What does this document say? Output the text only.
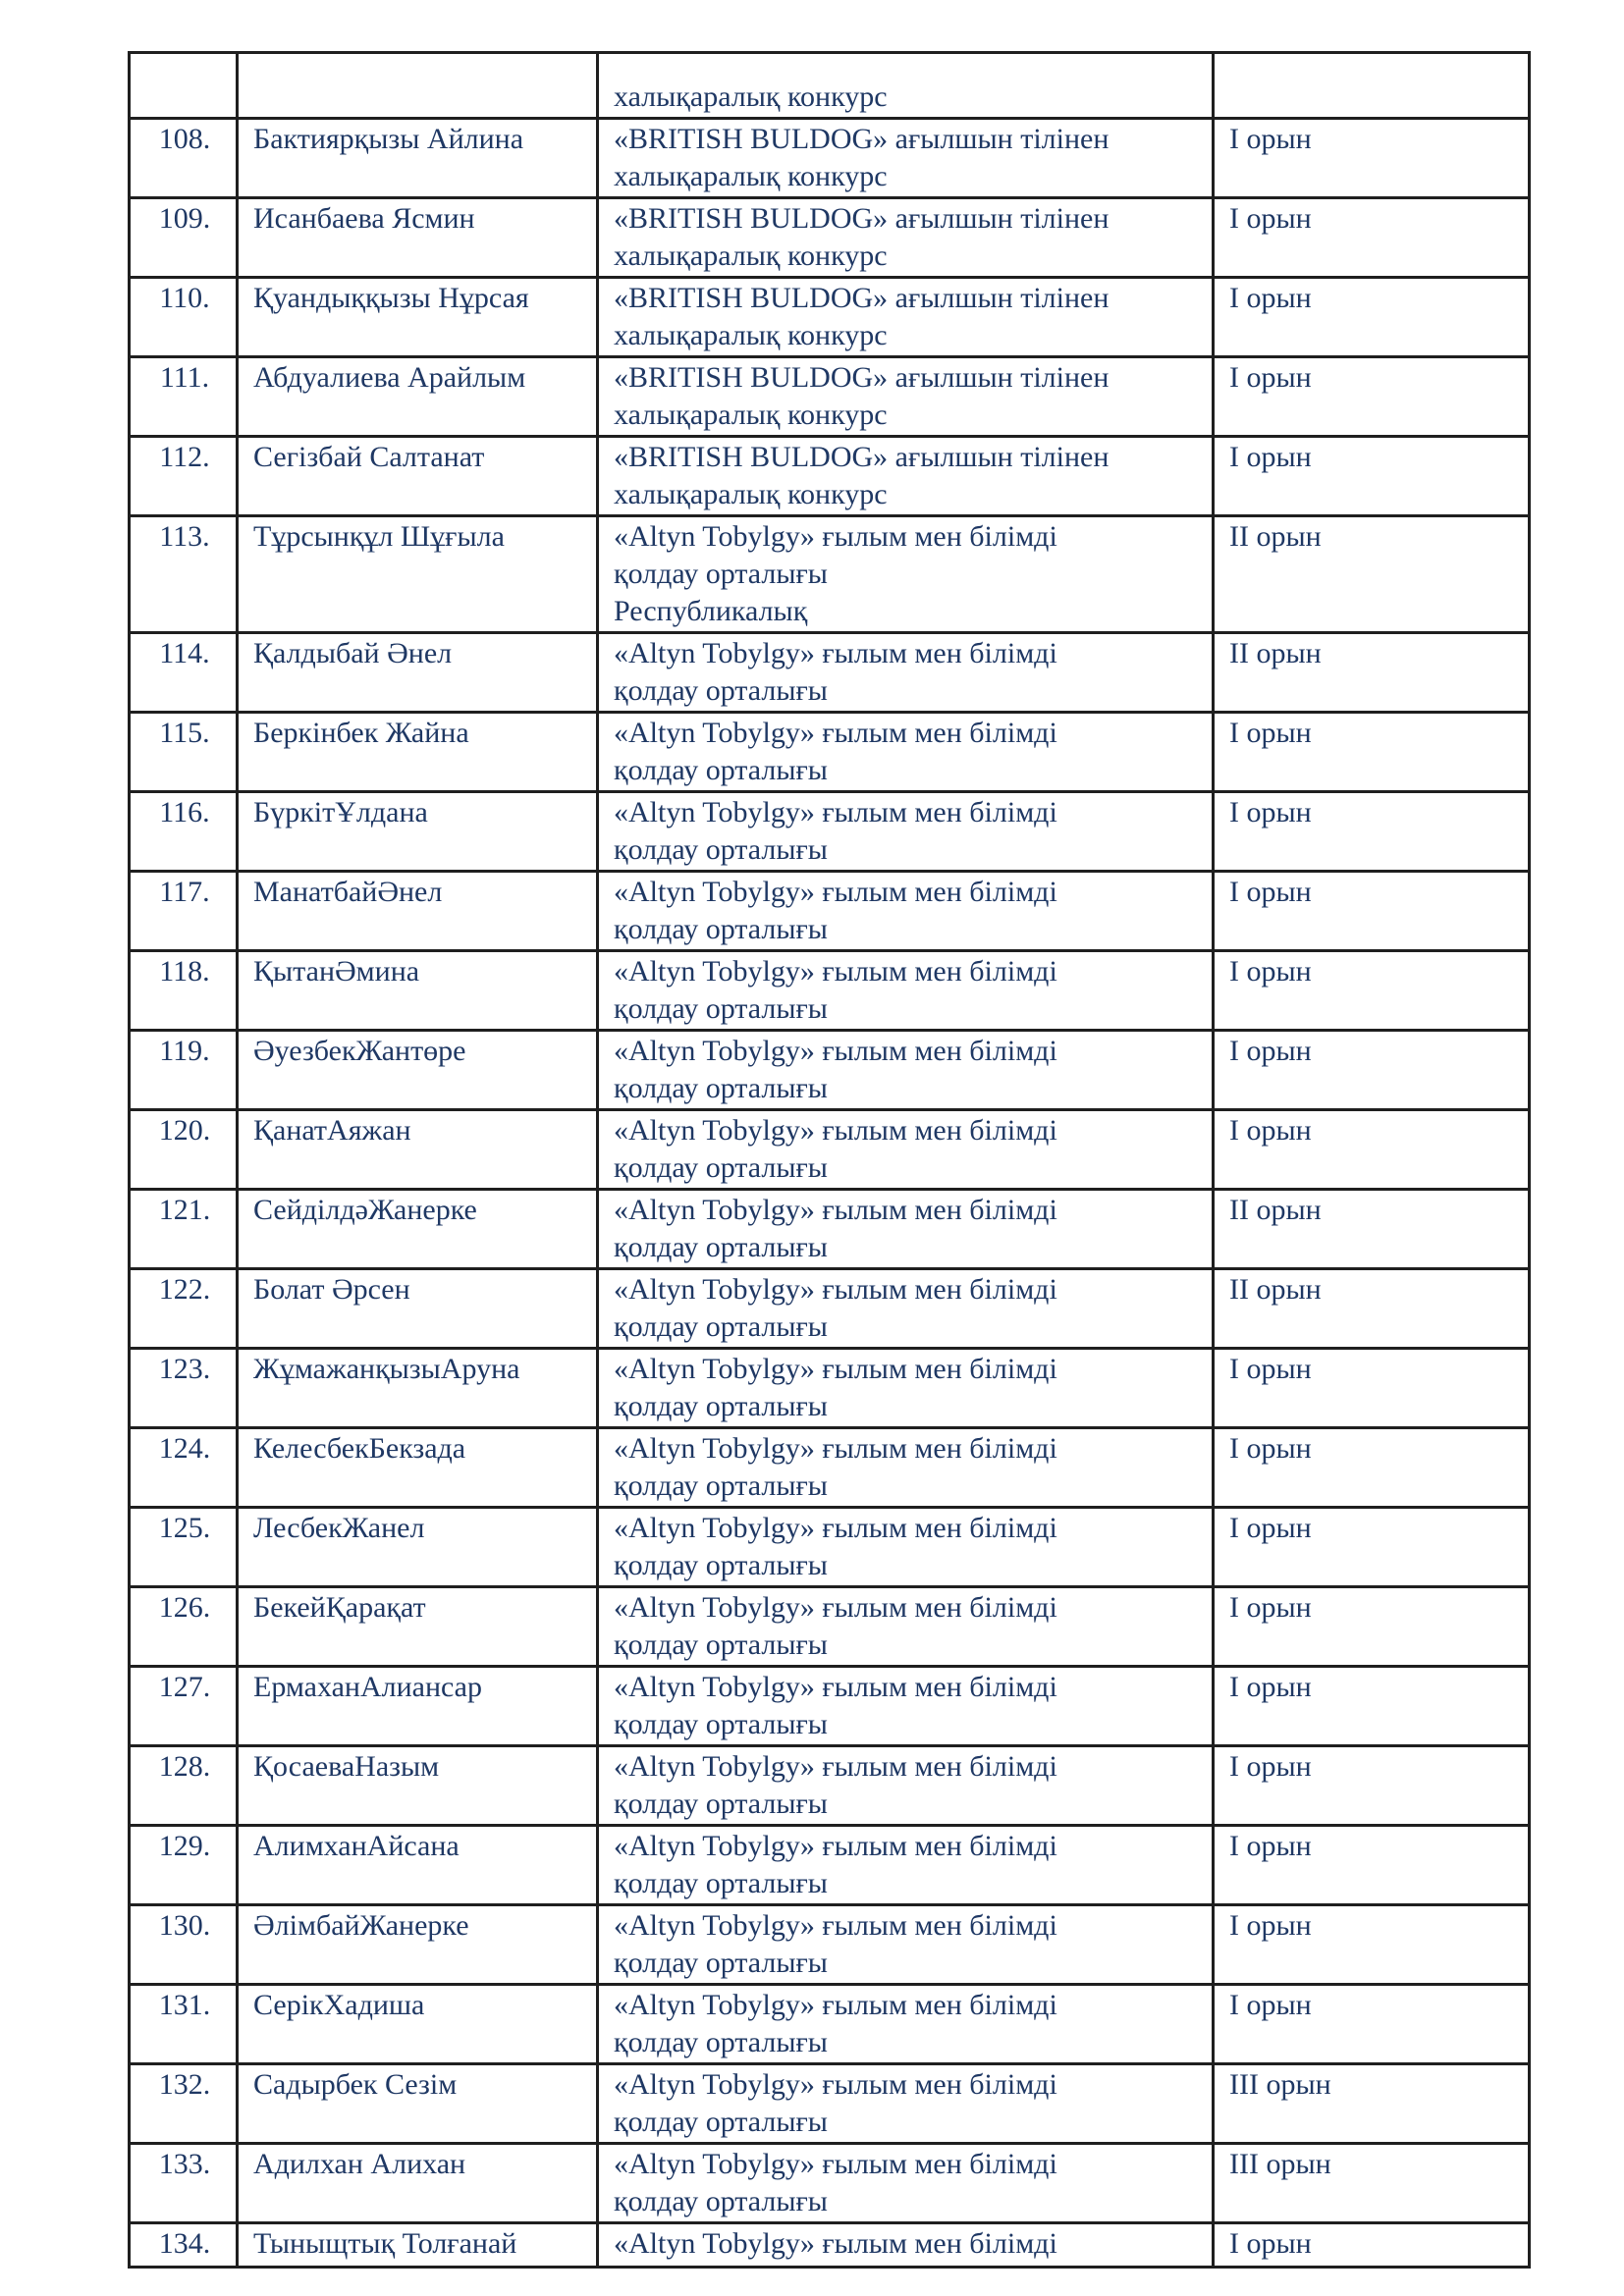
		халықаралық конкурс	

108.	Бактиярқызы Айлина	«BRITISH BULDOG» ағылшын тілінен
халықаралық конкурс	I орын
109.	Исанбаева Ясмин	«BRITISH BULDOG» ағылшын тілінен
халықаралық конкурс	I орын
110.	Қуандыққызы Нұрсая	«BRITISH BULDOG» ағылшын тілінен
халықаралық конкурс	I орын
111.	Абдуалиева Арайлым	«BRITISH BULDOG» ағылшын тілінен
халықаралық конкурс	I орын
112.	Сегізбай Салтанат	«BRITISH BULDOG» ағылшын тілінен
халықаралық конкурс	I орын
113.	Тұрсынқұл Шұғыла	«Altyn Tobylgy» ғылым мен білімді
қолдау орталығы
Республикалық	II орын
114.	Қалдыбай Әнел	«Altyn Tobylgy» ғылым мен білімді
қолдау орталығы	II орын
115.	Беркінбек Жайна	«Altyn Tobylgy» ғылым мен білімді
қолдау орталығы	I орын
116.	БүркітҰлдана	«Altyn Tobylgy» ғылым мен білімді
қолдау орталығы	I орын
117.	МанатбайӘнел	«Altyn Tobylgy» ғылым мен білімді
қолдау орталығы	I орын
118.	ҚытанӘмина	«Altyn Tobylgy» ғылым мен білімді
қолдау орталығы	I орын
119.	ӘуезбекЖантөре	«Altyn Tobylgy» ғылым мен білімді
қолдау орталығы	I орын
120.	ҚанатАяжан	«Altyn Tobylgy» ғылым мен білімді
қолдау орталығы	I орын
121.	СейділдәЖанерке	«Altyn Tobylgy» ғылым мен білімді
қолдау орталығы	II орын
122.	Болат Әрсен	«Altyn Tobylgy» ғылым мен білімді
қолдау орталығы	II орын
123.	ЖұмажанқызыАруна	«Altyn Tobylgy» ғылым мен білімді
қолдау орталығы	I орын
124.	КелесбекБекзада	«Altyn Tobylgy» ғылым мен білімді
қолдау орталығы	I орын
125.	ЛесбекЖанел	«Altyn Tobylgy» ғылым мен білімді
қолдау орталығы	I орын
126.	БекейҚарақат	«Altyn Tobylgy» ғылым мен білімді
қолдау орталығы	I орын
127.	ЕрмаханАлиансар	«Altyn Tobylgy» ғылым мен білімді
қолдау орталығы	I орын
128.	ҚосаеваНазым	«Altyn Tobylgy» ғылым мен білімді
қолдау орталығы	I орын
129.	АлимханАйсана	«Altyn Tobylgy» ғылым мен білімді
қолдау орталығы	I орын
130.	ӘлімбайЖанерке	«Altyn Tobylgy» ғылым мен білімді
қолдау орталығы	I орын
131.	СерікХадиша	«Altyn Tobylgy» ғылым мен білімді
қолдау орталығы	I орын
132.	Садырбек Сезім	«Altyn Tobylgy» ғылым мен білімді
қолдау орталығы	III орын
133.	Адилхан Алихан	«Altyn Tobylgy» ғылым мен білімді
қолдау орталығы	III орын
134.	Тыныщтық Толғанай	«Altyn Tobylgy» ғылым мен білімді	I орын
